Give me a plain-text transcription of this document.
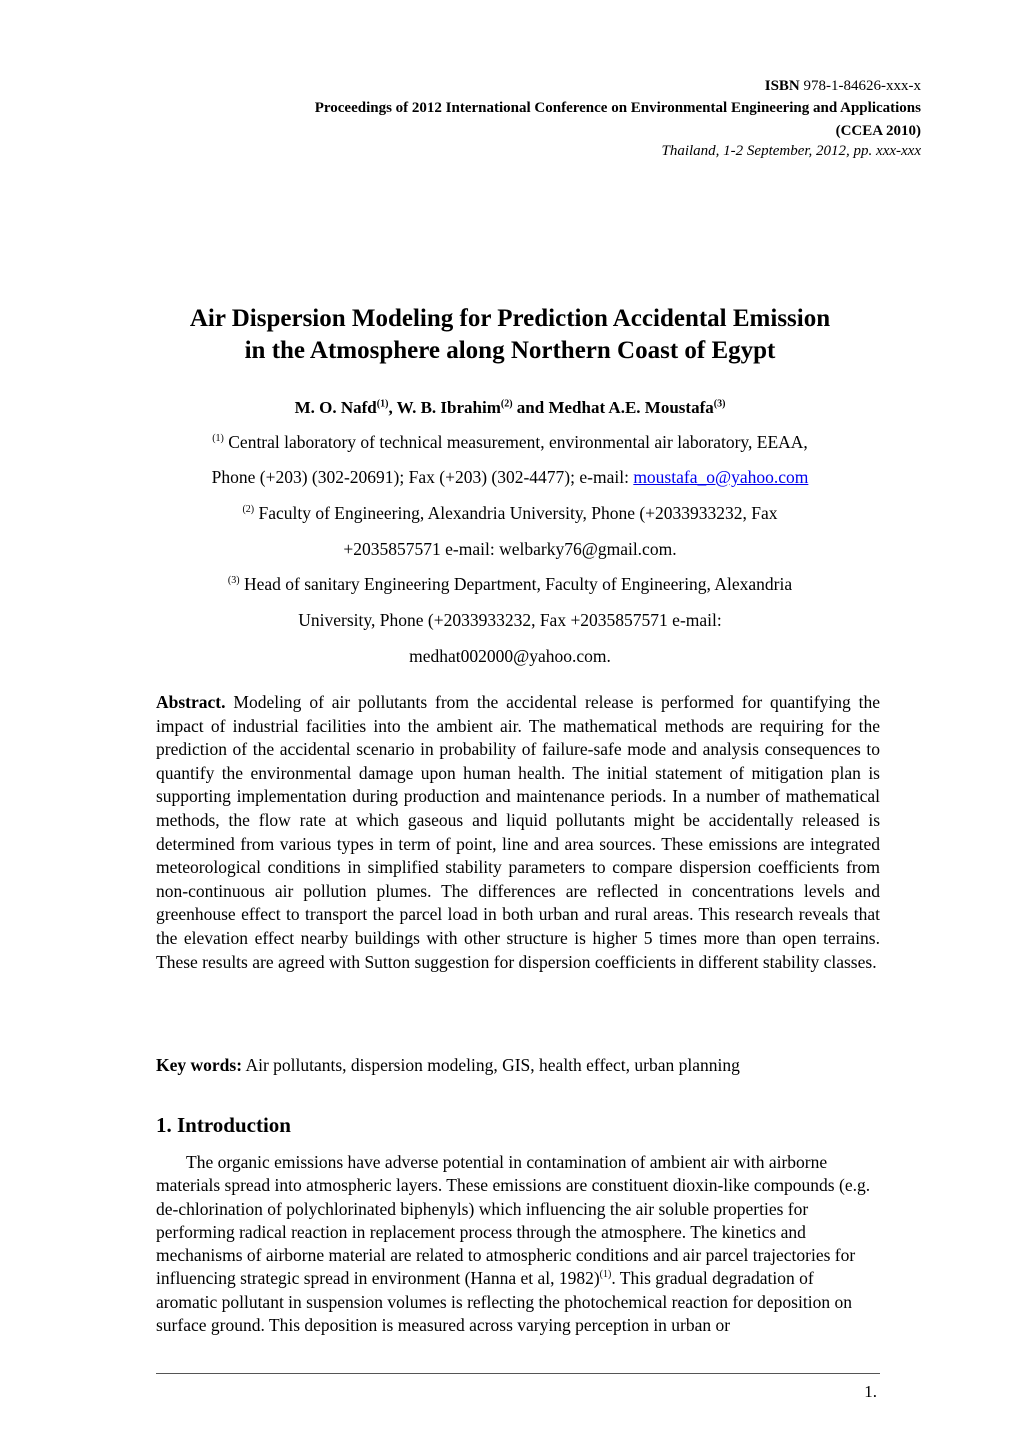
ISBN 978-1-84626-xxx-x
Proceedings of 2012 International Conference on Environmental Engineering and Applications
(CCEA 2010)
Thailand, 1-2 September, 2012, pp. xxx-xxx
Air Dispersion Modeling for Prediction Accidental Emission
in the Atmosphere along Northern Coast of Egypt
M. O. Nafd$^{(1)}$, W. B. Ibrahim$^{(2)}$ and Medhat A.E. Moustafa$^{(3)}$
$^{(1)}$ Central laboratory of technical measurement, environmental air laboratory, EEAA,
Phone (+203) (302-20691); Fax (+203) (302-4477); e-mail: moustafa_o@yahoo.com
$^{(2)}$ Faculty of Engineering, Alexandria University, Phone (+2033933232, Fax
+2035857571 e-mail: welbarky76@gmail.com.
$^{(3)}$ Head of sanitary Engineering Department, Faculty of Engineering, Alexandria
University, Phone (+2033933232, Fax +2035857571 e-mail:
medhat002000@yahoo.com.
Abstract. Modeling of air pollutants from the accidental release is performed for quantifying the impact of industrial facilities into the ambient air. The mathematical methods are requiring for the prediction of the accidental scenario in probability of failure-safe mode and analysis consequences to quantify the environmental damage upon human health. The initial statement of mitigation plan is supporting implementation during production and maintenance periods. In a number of mathematical methods, the flow rate at which gaseous and liquid pollutants might be accidentally released is determined from various types in term of point, line and area sources. These emissions are integrated meteorological conditions in simplified stability parameters to compare dispersion coefficients from non-continuous air pollution plumes. The differences are reflected in concentrations levels and greenhouse effect to transport the parcel load in both urban and rural areas. This research reveals that the elevation effect nearby buildings with other structure is higher 5 times more than open terrains. These results are agreed with Sutton suggestion for dispersion coefficients in different stability classes.
Key words: Air pollutants, dispersion modeling, GIS, health effect, urban planning
1. Introduction
The organic emissions have adverse potential in contamination of ambient air with airborne materials spread into atmospheric layers. These emissions are constituent dioxin-like compounds (e.g. de-chlorination of polychlorinated biphenyls) which influencing the air soluble properties for performing radical reaction in replacement process through the atmosphere. The kinetics and mechanisms of airborne material are related to atmospheric conditions and air parcel trajectories for influencing strategic spread in environment (Hanna et al, 1982)$^{(1)}$. This gradual degradation of aromatic pollutant in suspension volumes is reflecting the photochemical reaction for deposition on surface ground. This deposition is measured across varying perception in urban or
1.
